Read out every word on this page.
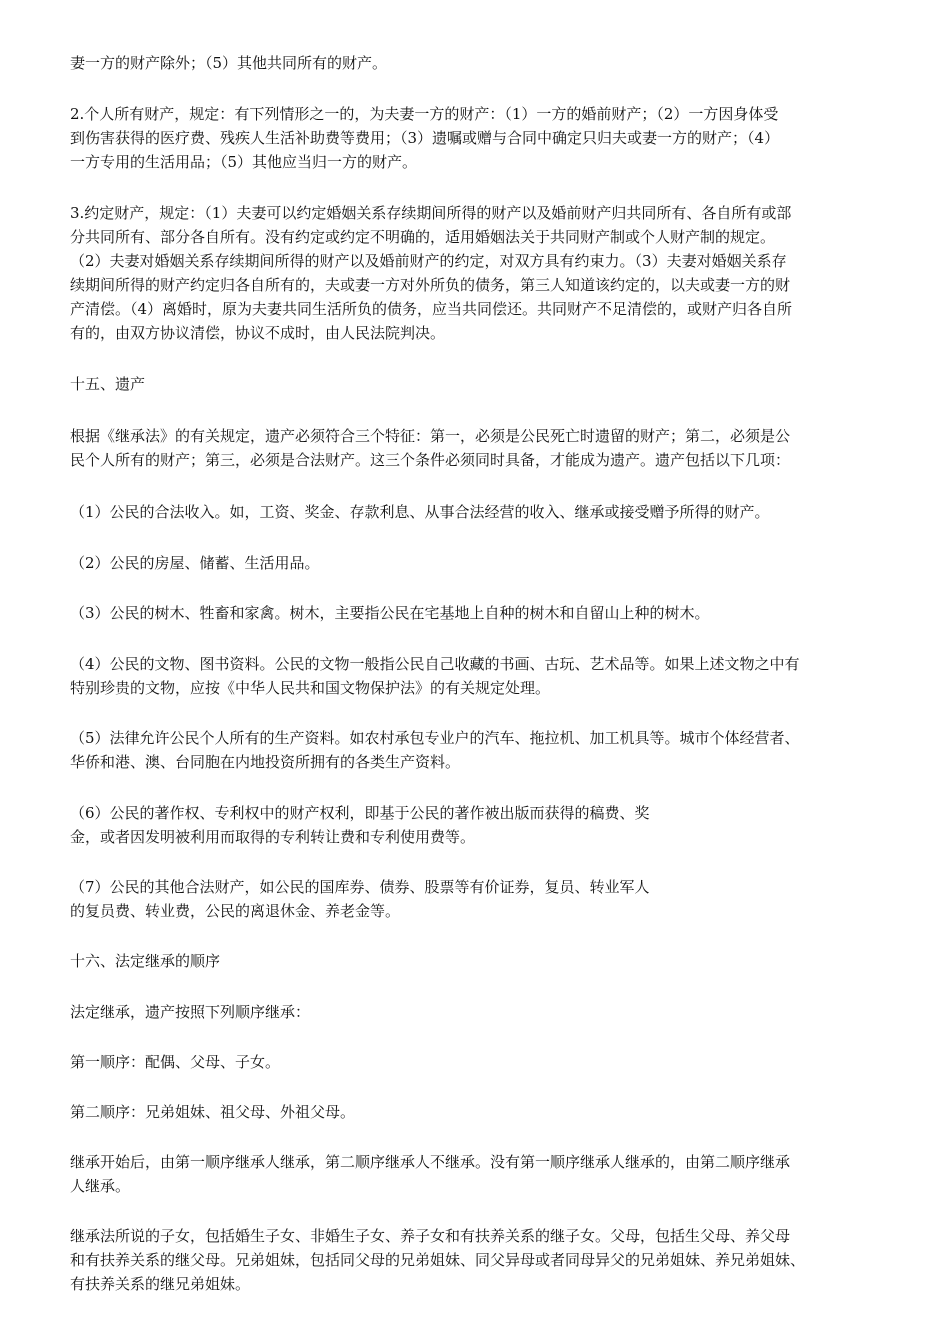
妻一方的财产除外；（5）其他共同所有的财产。

2.个人所有财产，规定：有下列情形之一的，为夫妻一方的财产：（1）一方的婚前财产；（2）一方因身体受

到伤害获得的医疗费、残疾人生活补助费等费用；（3）遗嘱或赠与合同中确定只归夫或妻一方的财产；（4）

一方专用的生活用品；（5）其他应当归一方的财产。

3.约定财产，规定：（1）夫妻可以约定婚姻关系存续期间所得的财产以及婚前财产归共同所有、各自所有或部

分共同所有、部分各自所有。没有约定或约定不明确的，适用婚姻法关于共同财产制或个人财产制的规定。

（2）夫妻对婚姻关系存续期间所得的财产以及婚前财产的约定，对双方具有约束力。（3）夫妻对婚姻关系存

续期间所得的财产约定归各自所有的，夫或妻一方对外所负的债务，第三人知道该约定的，以夫或妻一方的财

产清偿。（4）离婚时，原为夫妻共同生活所负的债务，应当共同偿还。共同财产不足清偿的，或财产归各自所

有的，由双方协议清偿，协议不成时，由人民法院判决。

十五、遗产

根据《继承法》的有关规定，遗产必须符合三个特征：第一，必须是公民死亡时遗留的财产；第二，必须是公

民个人所有的财产；第三，必须是合法财产。这三个条件必须同时具备，才能成为遗产。遗产包括以下几项：

（1）公民的合法收入。如，工资、奖金、存款利息、从事合法经营的收入、继承或接受赠予所得的财产。

（2）公民的房屋、储蓄、生活用品。

（3）公民的树木、牲畜和家禽。树木，主要指公民在宅基地上自种的树木和自留山上种的树木。

（4）公民的文物、图书资料。公民的文物一般指公民自己收藏的书画、古玩、艺术品等。如果上述文物之中有

特别珍贵的文物，应按《中华人民共和国文物保护法》的有关规定处理。

（5）法律允许公民个人所有的生产资料。如农村承包专业户的汽车、拖拉机、加工机具等。城市个体经营者、

华侨和港、澳、台同胞在内地投资所拥有的各类生产资料。

（6）公民的著作权、专利权中的财产权利，即基于公民的著作被出版而获得的稿费、奖

金，或者因发明被利用而取得的专利转让费和专利使用费等。

（7）公民的其他合法财产，如公民的国库券、债券、股票等有价证券，复员、转业军人

的复员费、转业费，公民的离退休金、养老金等。

十六、法定继承的顺序

法定继承，遗产按照下列顺序继承：

第一顺序：配偶、父母、子女。

第二顺序：兄弟姐妹、祖父母、外祖父母。

继承开始后，由第一顺序继承人继承，第二顺序继承人不继承。没有第一顺序继承人继承的，由第二顺序继承

人继承。

继承法所说的子女，包括婚生子女、非婚生子女、养子女和有扶养关系的继子女。父母，包括生父母、养父母

和有扶养关系的继父母。兄弟姐妹，包括同父母的兄弟姐妹、同父异母或者同母异父的兄弟姐妹、养兄弟姐妹、

有扶养关系的继兄弟姐妹。
